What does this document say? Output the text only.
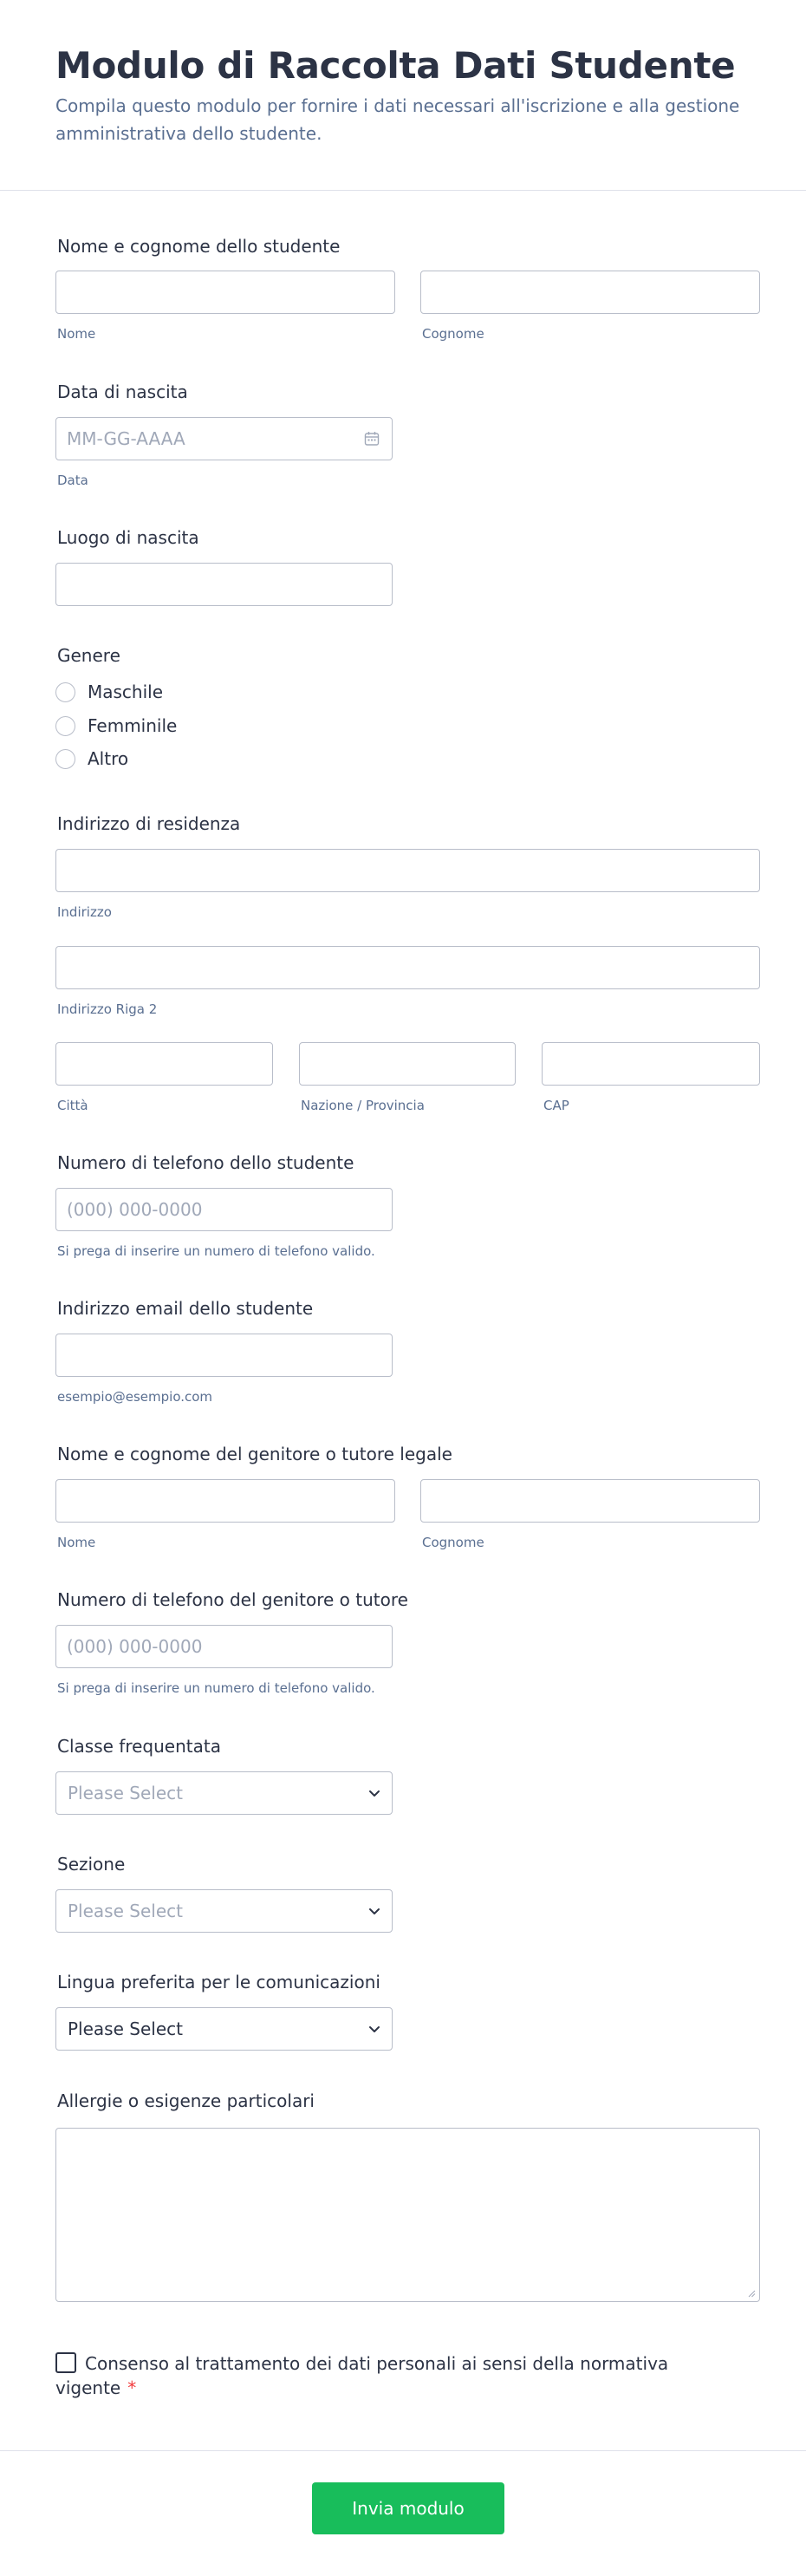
Modulo di Raccolta Dati Studente
Compila questo modulo per fornire i dati necessari all'iscrizione e alla gestione amministrativa dello studente.
Nome e cognome dello studente
Nome	Cognome
Data di nascita
MM-GG-AAAA
Data
Luogo di nascita
Genere
Maschile
Femminile
Altro
Indirizzo di residenza
Indirizzo
Indirizzo Riga 2
Città	Nazione / Provincia	CAP
Numero di telefono dello studente
(000) 000-0000
Si prega di inserire un numero di telefono valido.
Indirizzo email dello studente
esempio@esempio.com
Nome e cognome del genitore o tutore legale
Nome	Cognome
Numero di telefono del genitore o tutore
(000) 000-0000
Si prega di inserire un numero di telefono valido.
Classe frequentata
Please Select
Sezione
Please Select
Lingua preferita per le comunicazioni
Please Select
Allergie o esigenze particolari
Consenso al trattamento dei dati personali ai sensi della normativa vigente *
Invia modulo
